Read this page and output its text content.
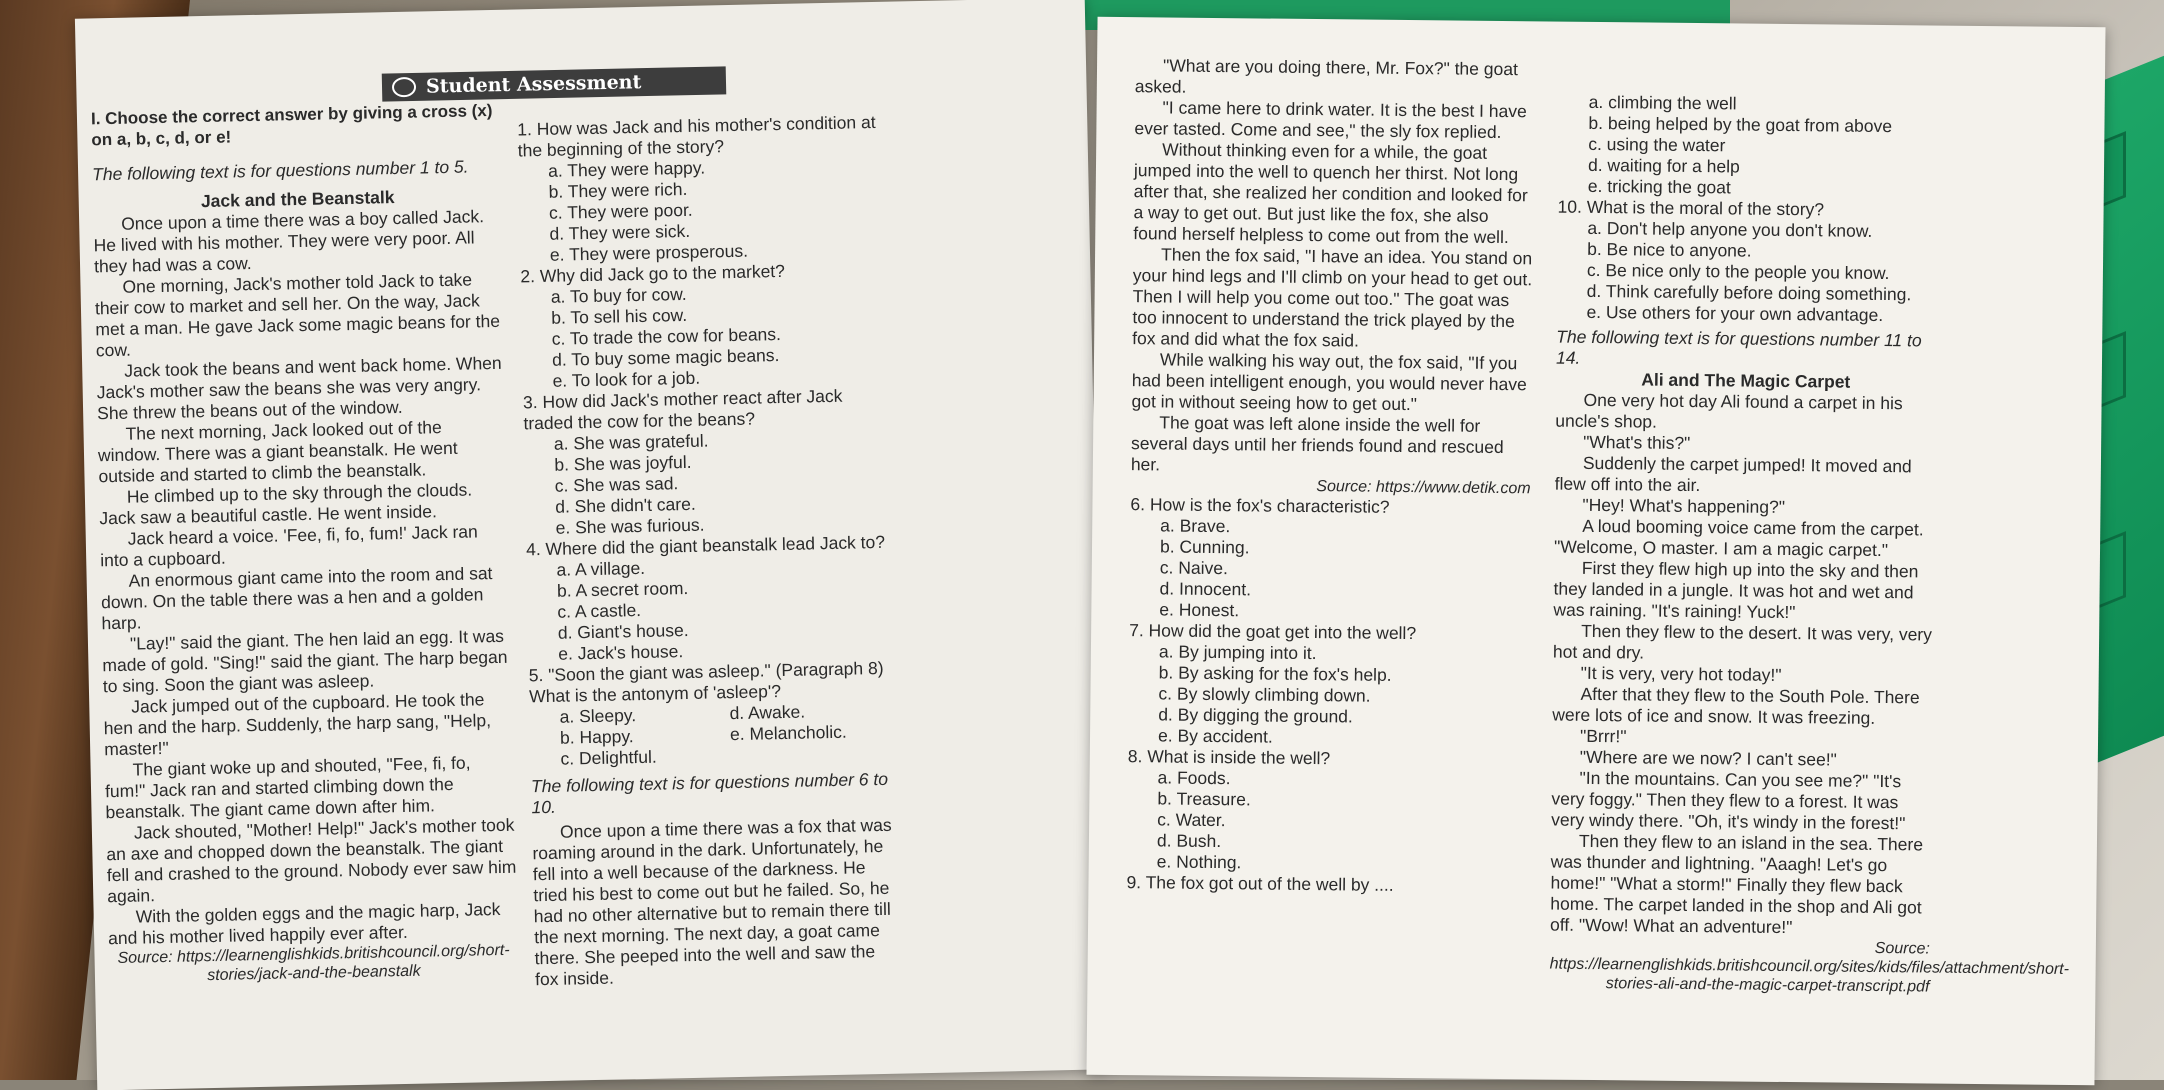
I. Choose the correct answer by giving a cross (x) on a, b, c, d, or e!

The following text is for questions number 1 to 5.

Jack and the Beanstalk

Once upon a time there was a boy called Jack. He lived with his mother. They were very poor. All they had was a cow.

One morning, Jack's mother told Jack to take their cow to market and sell her. On the way, Jack met a man. He gave Jack some magic beans for the cow.

Jack took the beans and went back home. When Jack's mother saw the beans she was very angry. She threw the beans out of the window.

The next morning, Jack looked out of the window. There was a giant beanstalk. He went outside and started to climb the beanstalk.

He climbed up to the sky through the clouds. Jack saw a beautiful castle. He went inside.

Jack heard a voice. 'Fee, fi, fo, fum!' Jack ran into a cupboard.

An enormous giant came into the room and sat down. On the table there was a hen and a golden harp.

"Lay!" said the giant. The hen laid an egg. It was made of gold. "Sing!" said the giant. The harp began to sing. Soon the giant was asleep.

Jack jumped out of the cupboard. He took the hen and the harp. Suddenly, the harp sang, "Help, master!"

The giant woke up and shouted, "Fee, fi, fo, fum!" Jack ran and started climbing down the beanstalk. The giant came down after him.

Jack shouted, "Mother! Help!" Jack's mother took an axe and chopped down the beanstalk. The giant fell and crashed to the ground. Nobody ever saw him again.

With the golden eggs and the magic harp, Jack and his mother lived happily ever after.

Source: https://learnenglishkids.britishcouncil.org/short-stories/jack-and-the-beanstalk

1. How was Jack and his mother's condition at the beginning of the story?

a. They were happy.

b. They were rich.

c. They were poor.

d. They were sick.

e. They were prosperous.

2. Why did Jack go to the market?

a. To buy for cow.

b. To sell his cow.

c. To trade the cow for beans.

d. To buy some magic beans.

e. To look for a job.

3. How did Jack's mother react after Jack traded the cow for the beans?

a. She was grateful.

b. She was joyful.

c. She was sad.

d. She didn't care.

e. She was furious.

4. Where did the giant beanstalk lead Jack to?

a. A village.

b. A secret room.

c. A castle.

d. Giant's house.

e. Jack's house.

5. "Soon the giant was asleep." (Paragraph 8) What is the antonym of 'asleep'?

a. Sleepy.

b. Happy.

c. Delightful.

d. Awake.

e. Melancholic.

The following text is for questions number 6 to 10.

Once upon a time there was a fox that was roaming around in the dark. Unfortunately, he fell into a well because of the darkness. He tried his best to come out but he failed. So, he had no other alternative but to remain there till the next morning. The next day, a goat came there. She peeped into the well and saw the fox inside.

Student Assessment

"What are you doing there, Mr. Fox?" the goat asked.

"I came here to drink water. It is the best I have ever tasted. Come and see," the sly fox replied.

Without thinking even for a while, the goat jumped into the well to quench her thirst. Not long after that, she realized her condition and looked for a way to get out. But just like the fox, she also found herself helpless to come out from the well.

Then the fox said, "I have an idea. You stand on your hind legs and I'll climb on your head to get out. Then I will help you come out too." The goat was too innocent to understand the trick played by the fox and did what the fox said.

While walking his way out, the fox said, "If you had been intelligent enough, you would never have got in without seeing how to get out."

The goat was left alone inside the well for several days until her friends found and rescued her.

Source: https://www.detik.com

6. How is the fox's characteristic?

a. Brave.

b. Cunning.

c. Naive.

d. Innocent.

e. Honest.

7. How did the goat get into the well?

a. By jumping into it.

b. By asking for the fox's help.

c. By slowly climbing down.

d. By digging the ground.

e. By accident.

8. What is inside the well?

a. Foods.

b. Treasure.

c. Water.

d. Bush.

e. Nothing.

9. The fox got out of the well by ....

a. climbing the well

b. being helped by the goat from above

c. using the water

d. waiting for a help

e. tricking the goat

10. What is the moral of the story?

a. Don't help anyone you don't know.

b. Be nice to anyone.

c. Be nice only to the people you know.

d. Think carefully before doing something.

e. Use others for your own advantage.

The following text is for questions number 11 to 14.

Ali and The Magic Carpet

One very hot day Ali found a carpet in his uncle's shop.

"What's this?"

Suddenly the carpet jumped! It moved and flew off into the air.

"Hey! What's happening?"

A loud booming voice came from the carpet. "Welcome, O master. I am a magic carpet."

First they flew high up into the sky and then they landed in a jungle. It was hot and wet and was raining. "It's raining! Yuck!"

Then they flew to the desert. It was very, very hot and dry.

"It is very, very hot today!"

After that they flew to the South Pole. There were lots of ice and snow. It was freezing.

"Brrr!"

"Where are we now? I can't see!"

"In the mountains. Can you see me?" "It's very foggy." Then they flew to a forest. It was very windy there. "Oh, it's windy in the forest!"

Then they flew to an island in the sea. There was thunder and lightning. "Aaagh! Let's go home!" "What a storm!" Finally they flew back home. The carpet landed in the shop and Ali got off. "Wow! What an adventure!"

Source: https://learnenglishkids.britishcouncil.org/sites/kids/files/attachment/short-stories-ali-and-the-magic-carpet-transcript.pdf
